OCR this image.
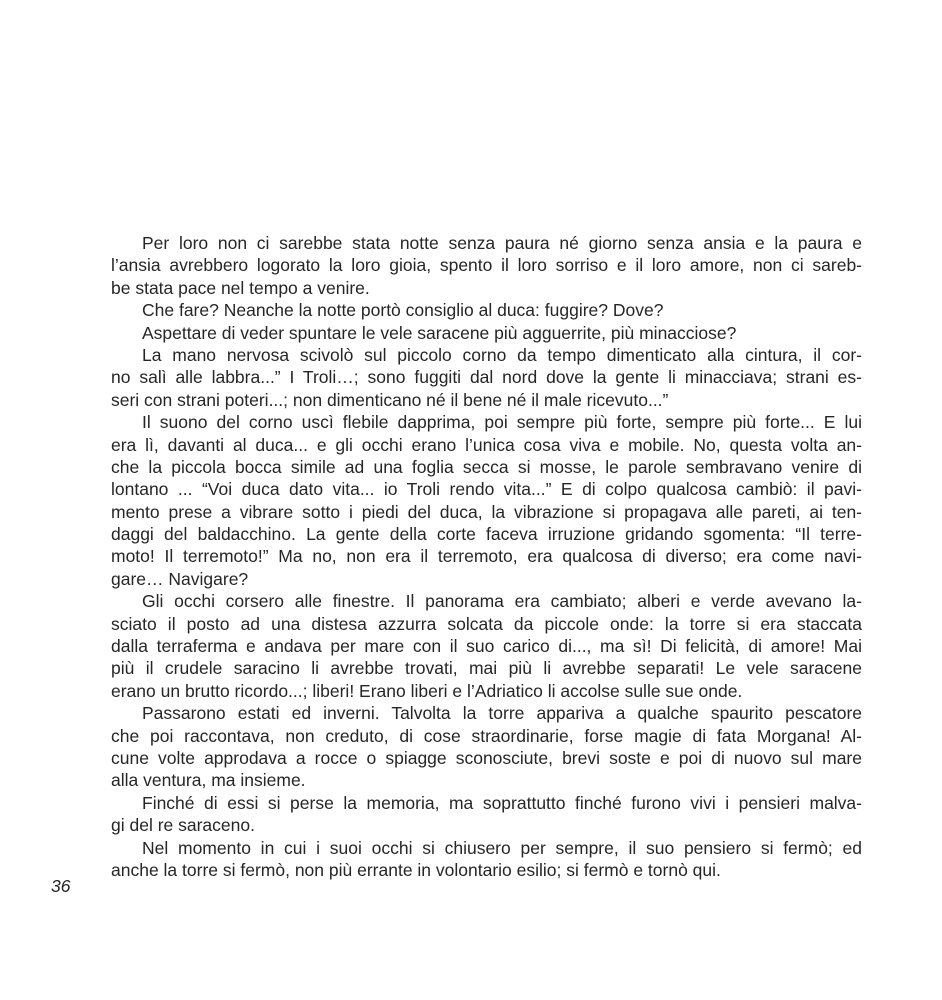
Per loro non ci sarebbe stata notte senza paura né giorno senza ansia e la paura e
l’ansia avrebbero logorato la loro gioia, spento il loro sorriso e il loro amore, non ci sareb-
be stata pace nel tempo a venire.
Che fare? Neanche la notte portò consiglio al duca: fuggire? Dove?
Aspettare di veder spuntare le vele saracene più agguerrite, più minacciose?
La mano nervosa scivolò sul piccolo corno da tempo dimenticato alla cintura, il cor-
no salì alle labbra...” I Troli…; sono fuggiti dal nord dove la gente li minacciava; strani es-
seri con strani poteri...; non dimenticano né il bene né il male ricevuto...”
Il suono del corno uscì flebile dapprima, poi sempre più forte, sempre più forte... E lui
era lì, davanti al duca... e gli occhi erano l’unica cosa viva e mobile. No, questa volta an-
che la piccola bocca simile ad una foglia secca si mosse, le parole sembravano venire di
lontano ... “Voi duca dato vita... io Troli rendo vita...” E di colpo qualcosa cambiò: il pavi-
mento prese a vibrare sotto i piedi del duca, la vibrazione si propagava alle pareti, ai ten-
daggi del baldacchino. La gente della corte faceva irruzione gridando sgomenta: “Il terre-
moto! Il terremoto!” Ma no, non era il terremoto, era qualcosa di diverso; era come navi-
gare… Navigare?
Gli occhi corsero alle finestre. Il panorama era cambiato; alberi e verde avevano la-
sciato il posto ad una distesa azzurra solcata da piccole onde: la torre si era staccata
dalla terraferma e andava per mare con il suo carico di..., ma sì! Di felicità, di amore! Mai
più il crudele saracino li avrebbe trovati, mai più li avrebbe separati! Le vele saracene
erano un brutto ricordo...; liberi! Erano liberi e l’Adriatico li accolse sulle sue onde.
Passarono estati ed inverni. Talvolta la torre appariva a qualche spaurito pescatore
che poi raccontava, non creduto, di cose straordinarie, forse magie di fata Morgana! Al-
cune volte approdava a rocce o spiagge sconosciute, brevi soste e poi di nuovo sul mare
alla ventura, ma insieme.
Finché di essi si perse la memoria, ma soprattutto finché furono vivi i pensieri malva-
gi del re saraceno.
Nel momento in cui i suoi occhi si chiusero per sempre, il suo pensiero si fermò; ed
anche la torre si fermò, non più errante in volontario esilio; si fermò e tornò qui.
36
